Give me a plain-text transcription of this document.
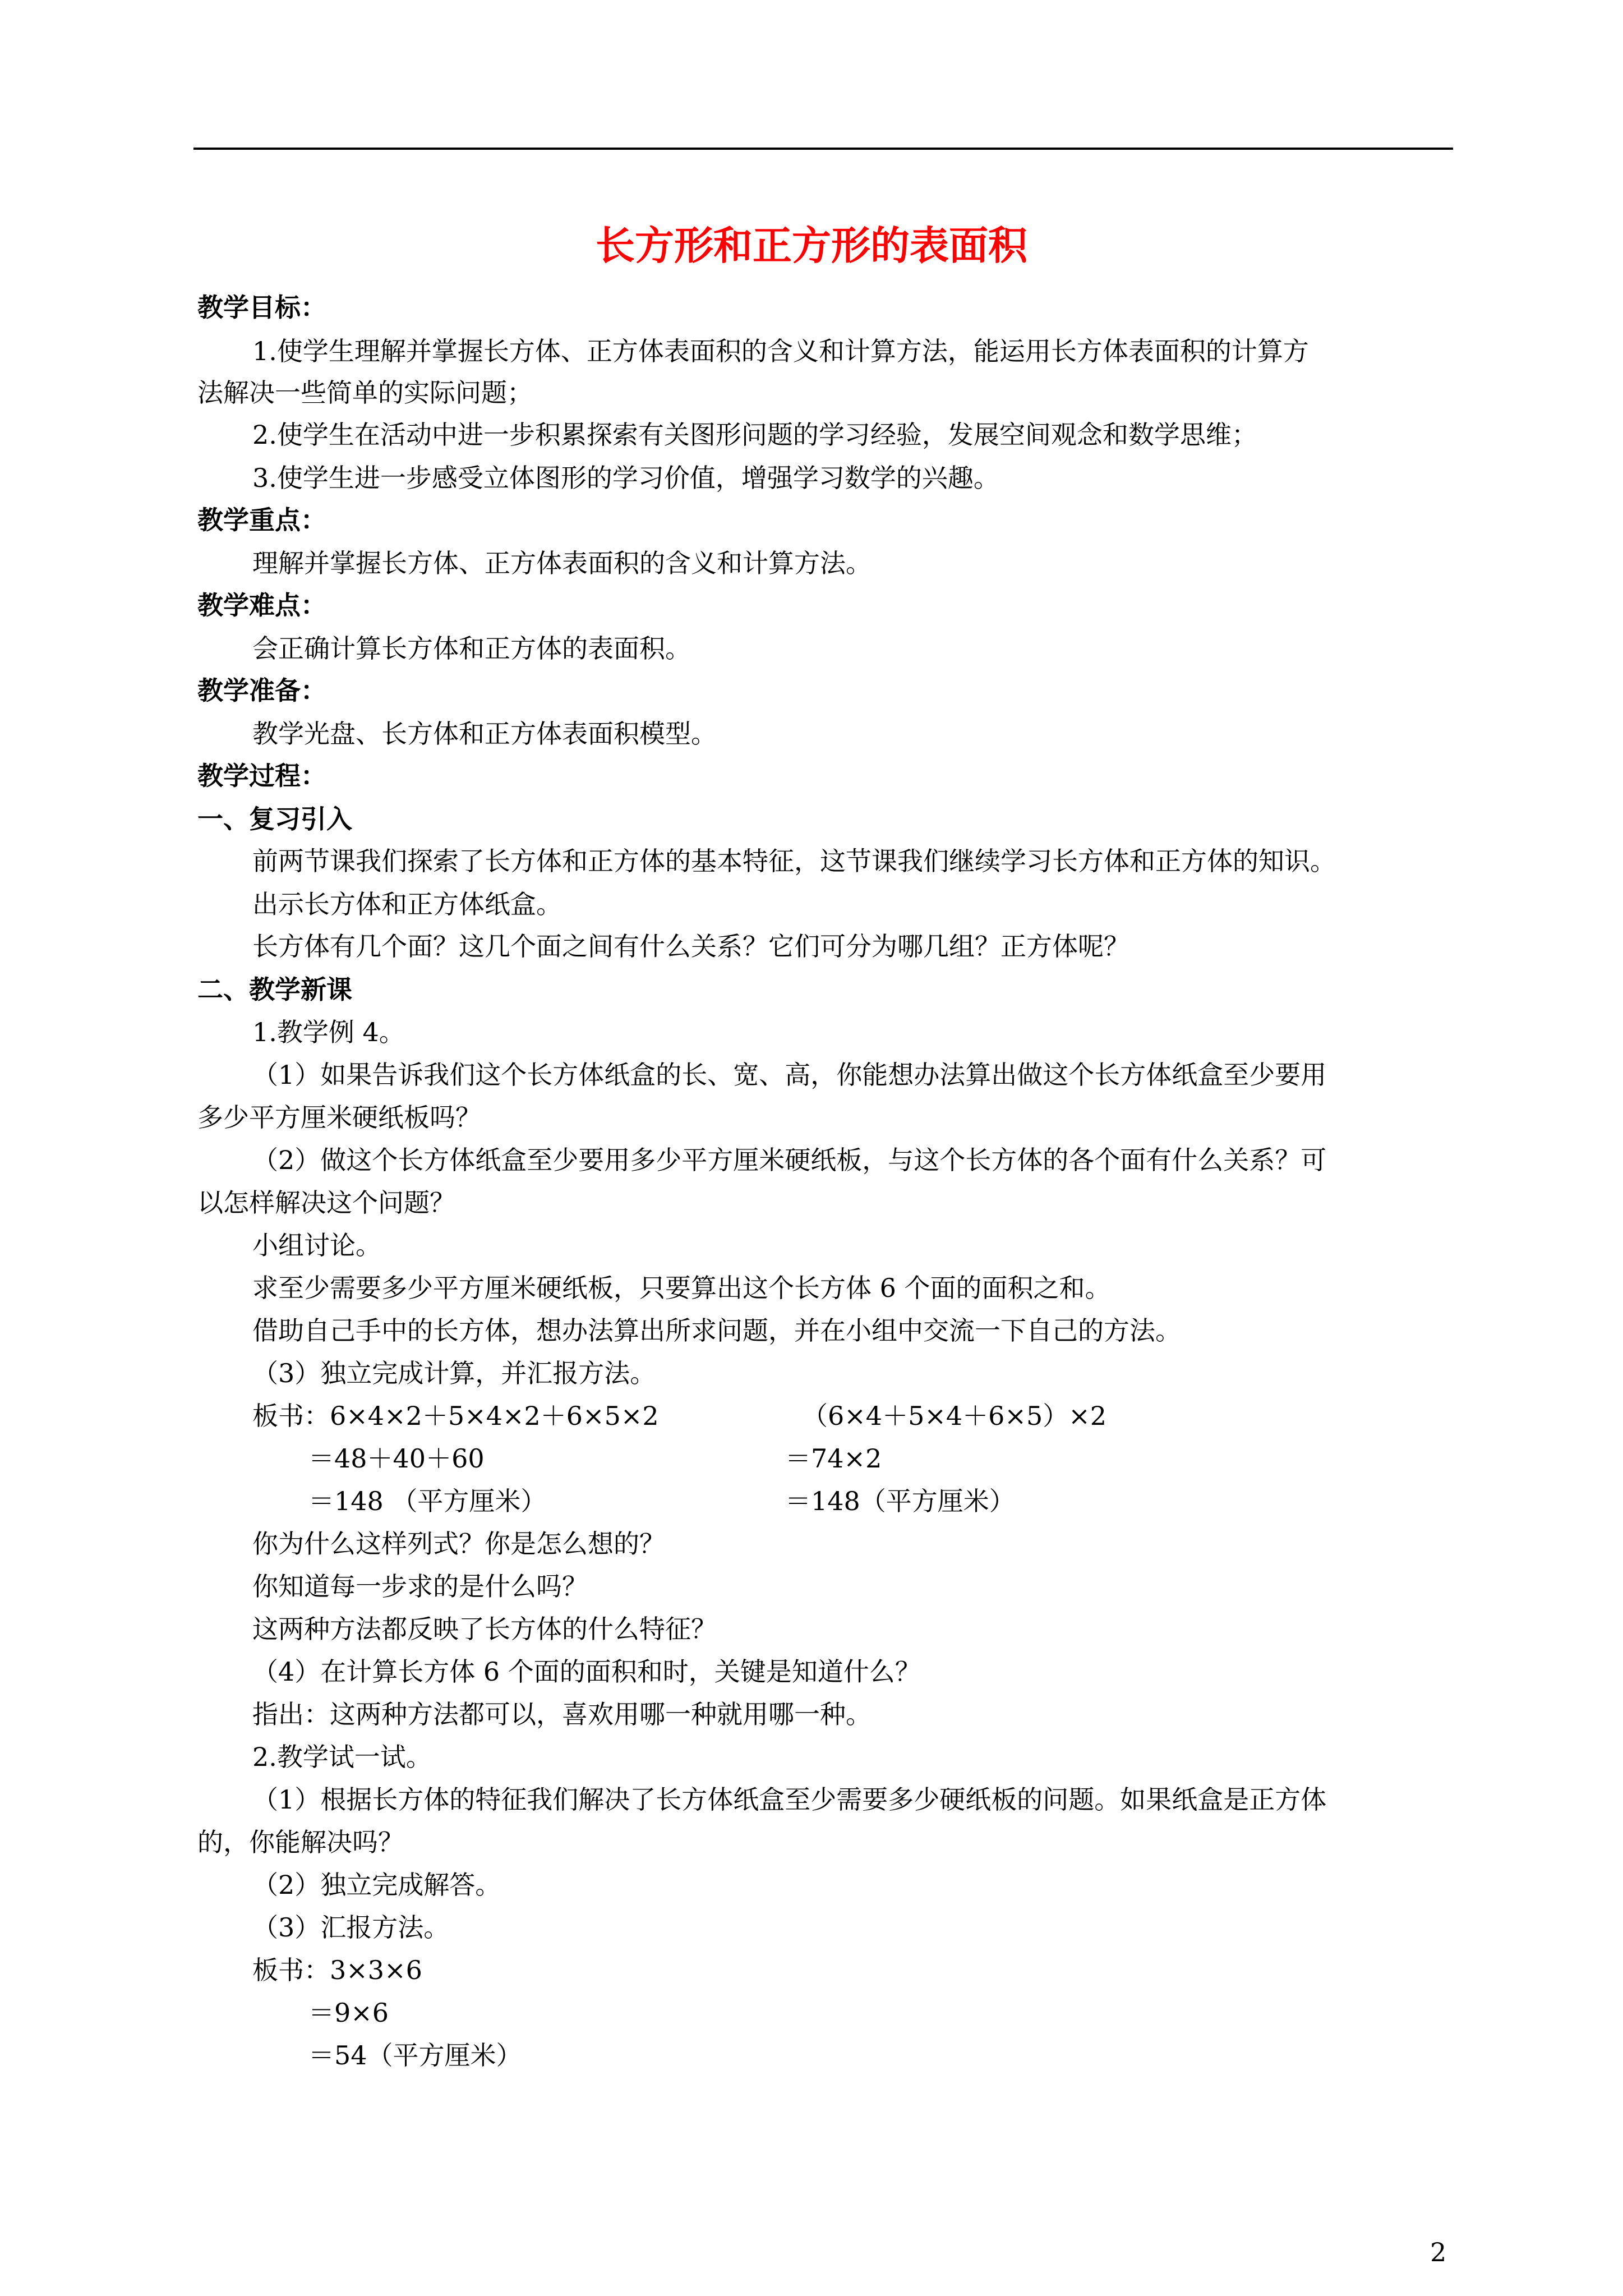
长方形和正方形的表面积
教学目标：
1.使学生理解并掌握长方体、正方体表面积的含义和计算方法，能运用长方体表面积的计算方
法解决一些简单的实际问题；
2.使学生在活动中进一步积累探索有关图形问题的学习经验，发展空间观念和数学思维；
3.使学生进一步感受立体图形的学习价值，增强学习数学的兴趣。
教学重点：
理解并掌握长方体、正方体表面积的含义和计算方法。
教学难点：
会正确计算长方体和正方体的表面积。
教学准备：
教学光盘、长方体和正方体表面积模型。
教学过程：
一、复习引入
前两节课我们探索了长方体和正方体的基本特征，这节课我们继续学习长方体和正方体的知识。
出示长方体和正方体纸盒。
长方体有几个面？这几个面之间有什么关系？它们可分为哪几组？正方体呢？
二、教学新课
1.教学例 4。
（1）如果告诉我们这个长方体纸盒的长、宽、高，你能想办法算出做这个长方体纸盒至少要用
多少平方厘米硬纸板吗？
（2）做这个长方体纸盒至少要用多少平方厘米硬纸板，与这个长方体的各个面有什么关系？可
以怎样解决这个问题？
小组讨论。
求至少需要多少平方厘米硬纸板，只要算出这个长方体 6 个面的面积之和。
借助自己手中的长方体，想办法算出所求问题，并在小组中交流一下自己的方法。
（3）独立完成计算，并汇报方法。
板书：6×4×2＋5×4×2＋6×5×2	（6×4＋5×4＋6×5）×2
＝48＋40＋60	＝74×2
＝148 （平方厘米）	＝148（平方厘米）
你为什么这样列式？你是怎么想的？
你知道每一步求的是什么吗？
这两种方法都反映了长方体的什么特征？
（4）在计算长方体 6 个面的面积和时，关键是知道什么？
指出：这两种方法都可以，喜欢用哪一种就用哪一种。
2.教学试一试。
（1）根据长方体的特征我们解决了长方体纸盒至少需要多少硬纸板的问题。如果纸盒是正方体
的，你能解决吗？
（2）独立完成解答。
（3）汇报方法。
板书：3×3×6
＝9×6
＝54（平方厘米）
2
